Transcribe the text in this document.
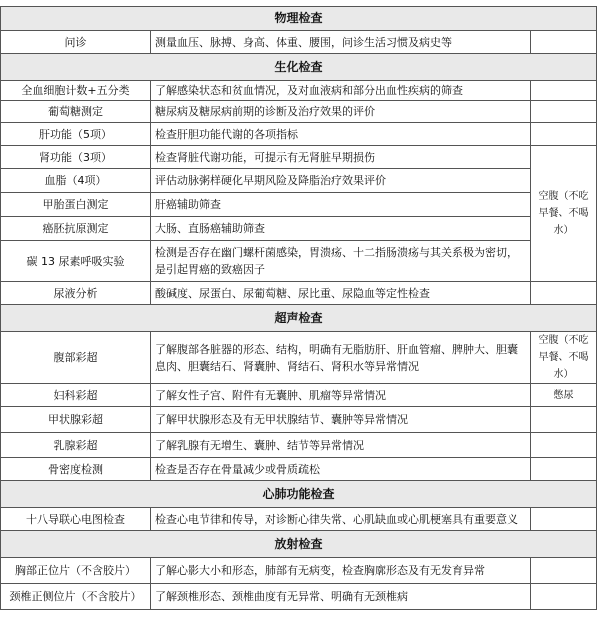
物理检查		
问诊	测量血压、脉搏、身高、体重、腰围，问诊生活习惯及病史等	
生化检查		
全血细胞计数+五分类	了解感染状态和贫血情况，及对血液病和部分出血性疾病的筛查	
葡萄糖测定	糖尿病及糖尿病前期的诊断及治疗效果的评价	
肝功能（5项）	检查肝胆功能代谢的各项指标	
肾功能（3项）	检查肾脏代谢功能，可提示有无肾脏早期损伤	空腹（不吃早餐、不喝水）
血脂（4项）	评估动脉粥样硬化早期风险及降脂治疗效果评价	
甲胎蛋白测定	肝癌辅助筛查	
癌胚抗原测定	大肠、直肠癌辅助筛查	
碳 13 尿素呼吸实验	检测是否存在幽门螺杆菌感染，胃溃疡、十二指肠溃疡与其关系极为密切，是引起胃癌的致癌因子	
尿液分析	酸碱度、尿蛋白、尿葡萄糖、尿比重、尿隐血等定性检查	
超声检查		
腹部彩超	了解腹部各脏器的形态、结构，明确有无脂肪肝、肝血管瘤、脾肿大、胆囊息肉、胆囊结石、肾囊肿、肾结石、肾积水等异常情况	空腹（不吃早餐、不喝水）
妇科彩超	了解女性子宫、附件有无囊肿、肌瘤等异常情况	憋尿
甲状腺彩超	了解甲状腺形态及有无甲状腺结节、囊肿等异常情况	
乳腺彩超	了解乳腺有无增生、囊肿、结节等异常情况	
骨密度检测	检查是否存在骨量减少或骨质疏松	
心肺功能检查		
十八导联心电图检查	检查心电节律和传导，对诊断心律失常、心肌缺血或心肌梗塞具有重要意义	
放射检查		
胸部正位片（不含胶片）	了解心影大小和形态，肺部有无病变，检查胸廓形态及有无发育异常	
颈椎正侧位片（不含胶片）	了解颈椎形态、颈椎曲度有无异常、明确有无颈椎病	
